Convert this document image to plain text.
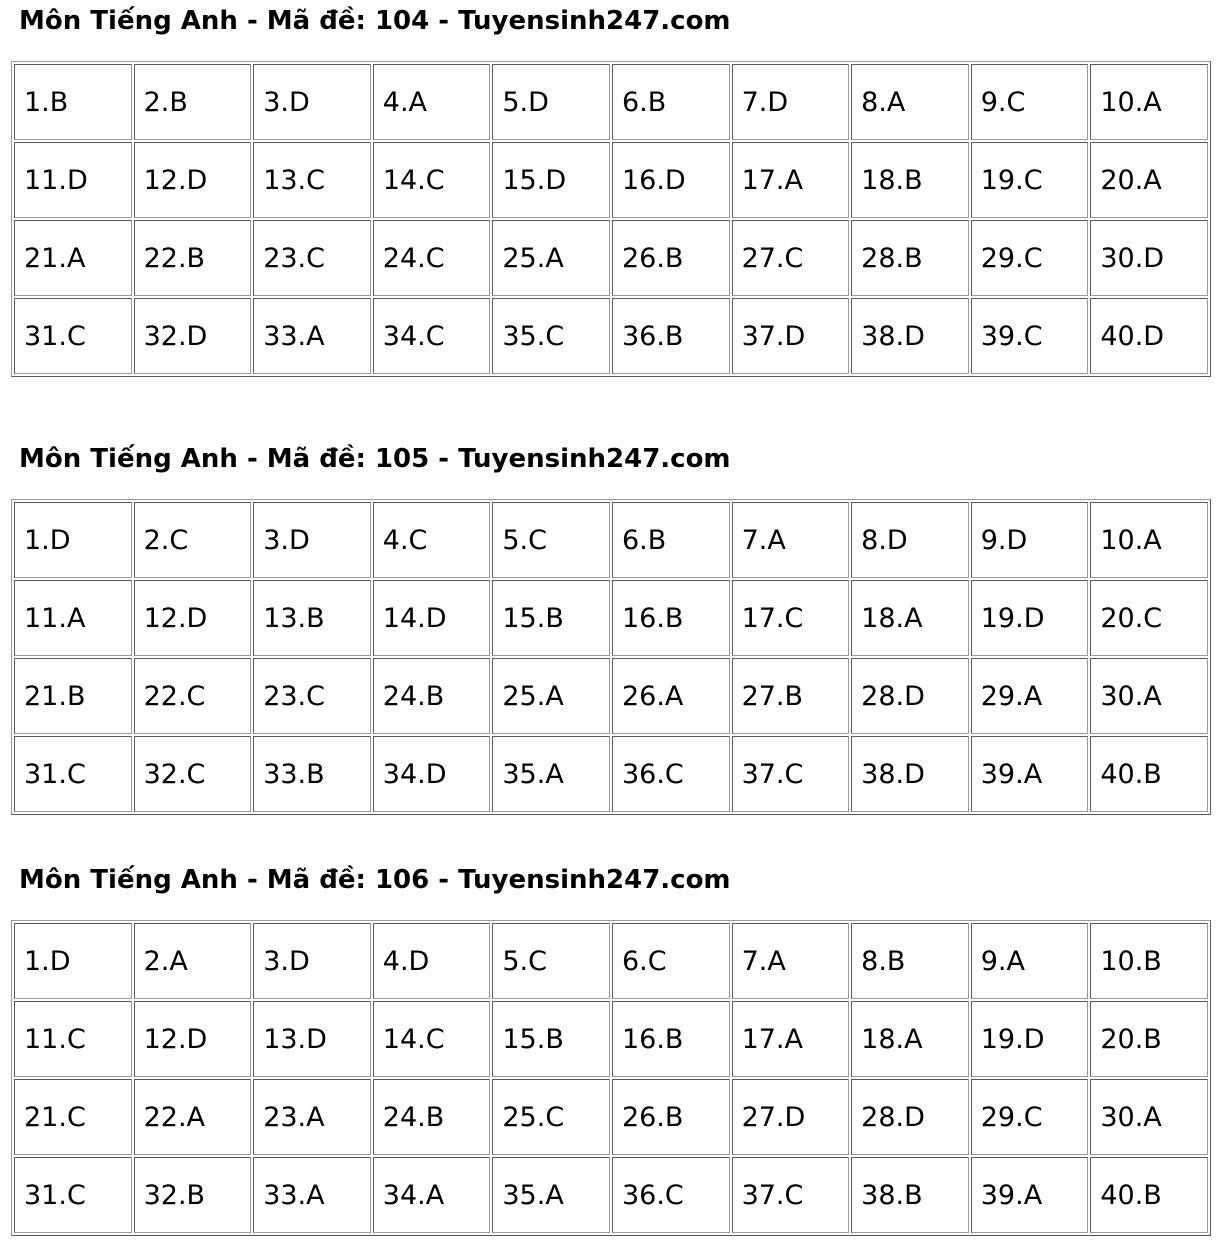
Môn Tiếng Anh - Mã đề: 104 - Tuyensinh247.com
1.B	2.B	3.D	4.A	5.D	6.B	7.D	8.A	9.C	10.A
11.D	12.D	13.C	14.C	15.D	16.D	17.A	18.B	19.C	20.A
21.A	22.B	23.C	24.C	25.A	26.B	27.C	28.B	29.C	30.D
31.C	32.D	33.A	34.C	35.C	36.B	37.D	38.D	39.C	40.D
Môn Tiếng Anh - Mã đề: 105 - Tuyensinh247.com
1.D	2.C	3.D	4.C	5.C	6.B	7.A	8.D	9.D	10.A
11.A	12.D	13.B	14.D	15.B	16.B	17.C	18.A	19.D	20.C
21.B	22.C	23.C	24.B	25.A	26.A	27.B	28.D	29.A	30.A
31.C	32.C	33.B	34.D	35.A	36.C	37.C	38.D	39.A	40.B
Môn Tiếng Anh - Mã đề: 106 - Tuyensinh247.com
1.D	2.A	3.D	4.D	5.C	6.C	7.A	8.B	9.A	10.B
11.C	12.D	13.D	14.C	15.B	16.B	17.A	18.A	19.D	20.B
21.C	22.A	23.A	24.B	25.C	26.B	27.D	28.D	29.C	30.A
31.C	32.B	33.A	34.A	35.A	36.C	37.C	38.B	39.A	40.B
